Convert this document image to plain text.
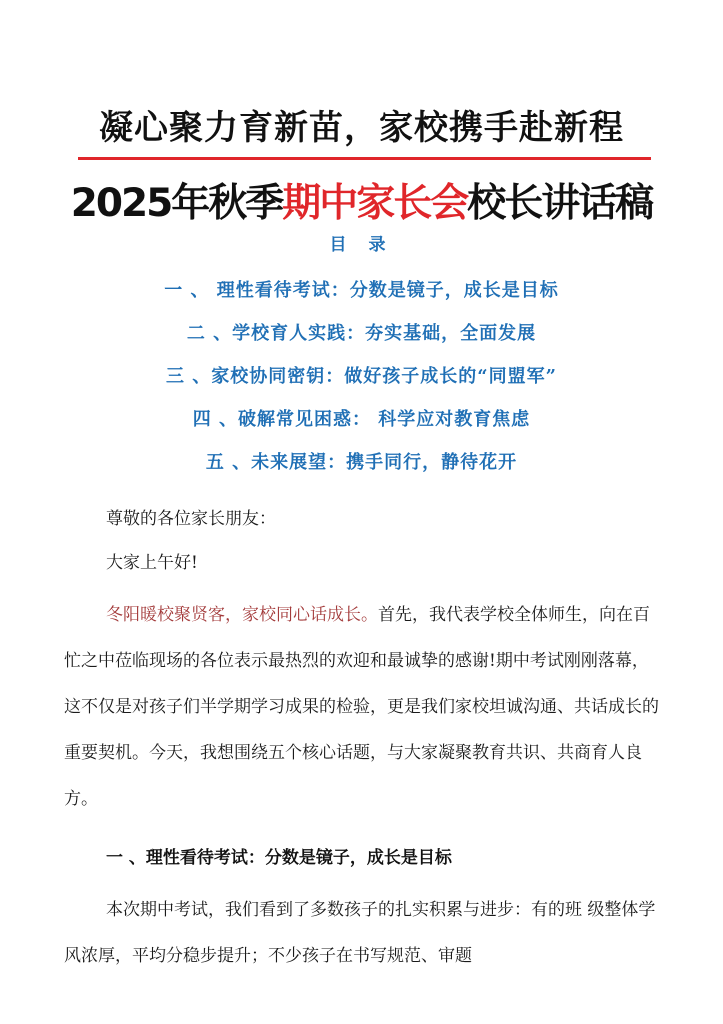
凝心聚力育新苗，家校携手赴新程
2025年秋季期中家长会校长讲话稿
目 录
一 、 理性看待考试：分数是镜子，成长是目标
二 、学校育人实践：夯实基础，全面发展
三 、家校协同密钥：做好孩子成长的“同盟军”
四 、破解常见困惑： 科学应对教育焦虑
五 、未来展望：携手同行，静待花开
尊敬的各位家长朋友：
大家上午好!
冬阳暖校聚贤客，家校同心话成长。首先，我代表学校全体师生，向在百忙之中莅临现场的各位表示最热烈的欢迎和最诚挚的感谢!期中考试刚刚落幕，这不仅是对孩子们半学期学习成果的检验，更是我们家校坦诚沟通、共话成长的重要契机。今天，我想围绕五个核心话题，与大家凝聚教育共识、共商育人良方。
一 、理性看待考试：分数是镜子，成长是目标
本次期中考试，我们看到了多数孩子的扎实积累与进步：有的班 级整体学风浓厚，平均分稳步提升；不少孩子在书写规范、审题
